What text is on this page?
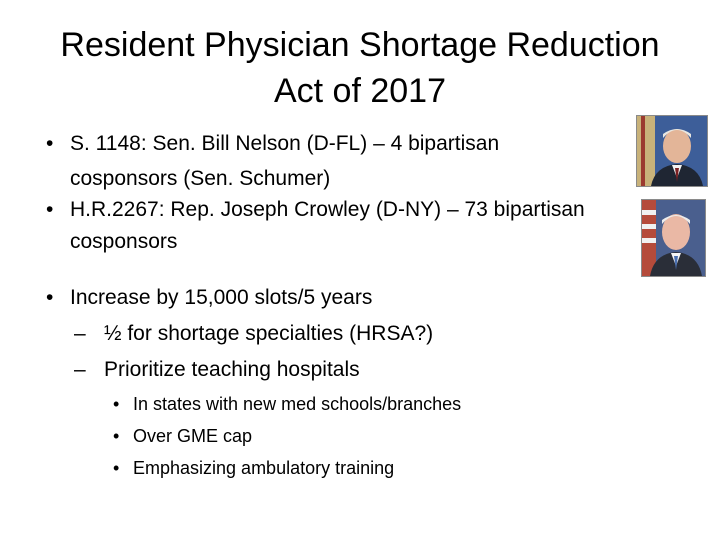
Resident Physician Shortage Reduction
Act of 2017
• S. 1148: Sen. Bill Nelson (D-FL) – 4 bipartisan
cosponsors (Sen. Schumer)
• H.R.2267: Rep. Joseph Crowley (D-NY) – 73 bipartisan
cosponsors
• Increase by 15,000 slots/5 years
– ½ for shortage specialties (HRSA?)
– Prioritize teaching hospitals
• In states with new med schools/branches
• Over GME cap
• Emphasizing ambulatory training
